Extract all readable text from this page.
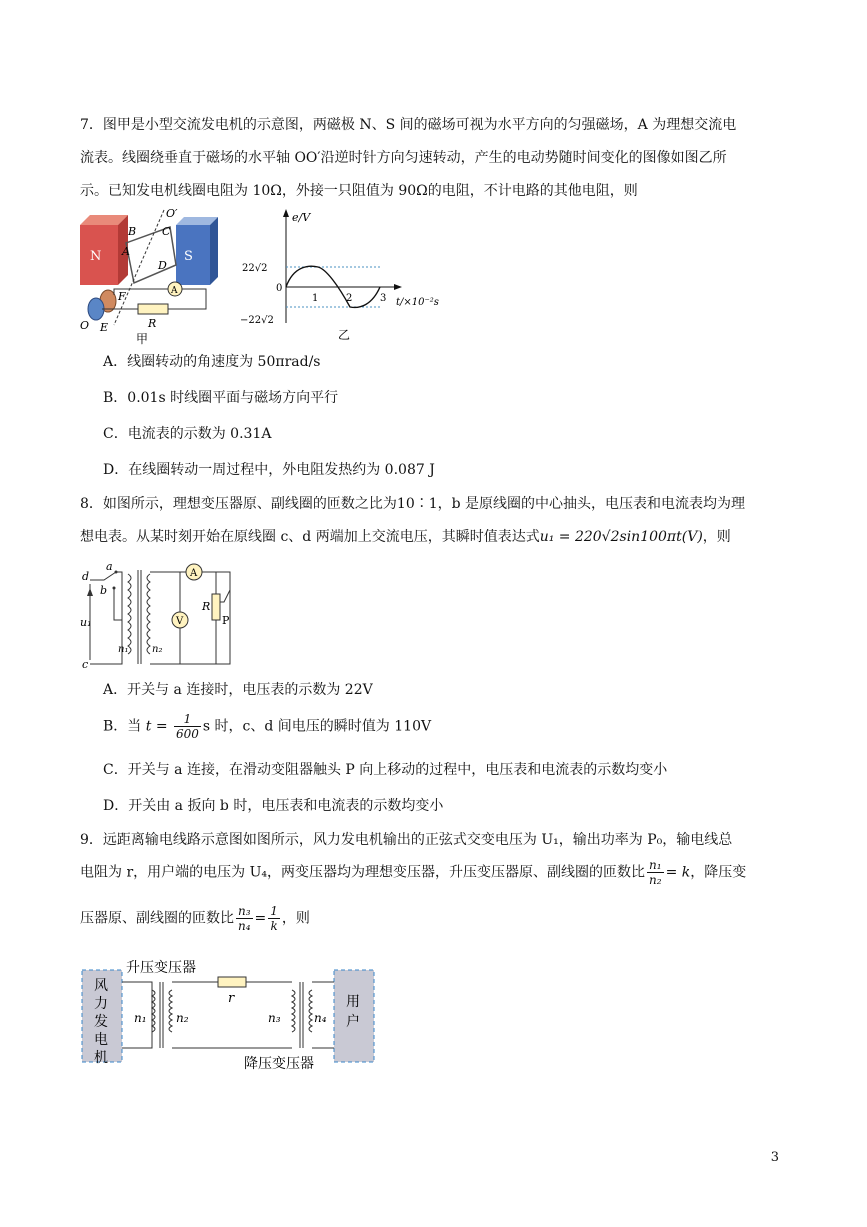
7．图甲是小型交流发电机的示意图，两磁极 N、S 间的磁场可视为水平方向的匀强磁场，A 为理想交流电
流表。线圈绕垂直于磁场的水平轴 OO′沿逆时针方向匀速转动，产生的电动势随时间变化的图像如图乙所
示。已知发电机线圈电阻为 10Ω，外接一只阻值为 90Ω的电阻，不计电路的其他电阻，则
N	S
O′
A
B C
D
F
E
O
A
R
甲
e/V
t/×10⁻²s
22√2
0
−22√2
1	2	3
乙
A．线圈转动的角速度为 50πrad/s
B．0.01s 时线圈平面与磁场方向平行
C．电流表的示数为 0.31A
D．在线圈转动一周过程中，外电阻发热约为 0.087 J
8．如图所示，理想变压器原、副线圈的匝数之比为10∶1，b 是原线圈的中心抽头，电压表和电流表均为理
想电表。从某时刻开始在原线圈 c、d 两端加上交流电压，其瞬时值表达式u₁ = 220√2sin100πt(V)，则
d
a
b
c
u₁
n₁ n₂
A
V
R
P
A．开关与 a 连接时，电压表的示数为 22V
B．当 $t = \frac{1}{600}$ s 时，c、d 间电压的瞬时值为 110V
C．开关与 a 连接，在滑动变阻器触头 P 向上移动的过程中，电压表和电流表的示数均变小
D．开关由 a 扳向 b 时，电压表和电流表的示数均变小
9．远距离输电线路示意图如图所示，风力发电机输出的正弦式交变电压为 U₁，输出功率为 P₀，输电线总
电阻为 r，用户端的电压为 U₄，两变压器均为理想变压器，升压变压器原、副线圈的匝数比 $\frac{\text{n₁}}{\text{n₂}} = k$，降压变
压器原、副线圈的匝数比 $\frac{\text{n₃}}{\text{n₄}} = \frac{1}{k}$ ，则
升压变压器
风力发电机
用户
n₁ n₂
r
n₃	n₄
降压变压器
3
